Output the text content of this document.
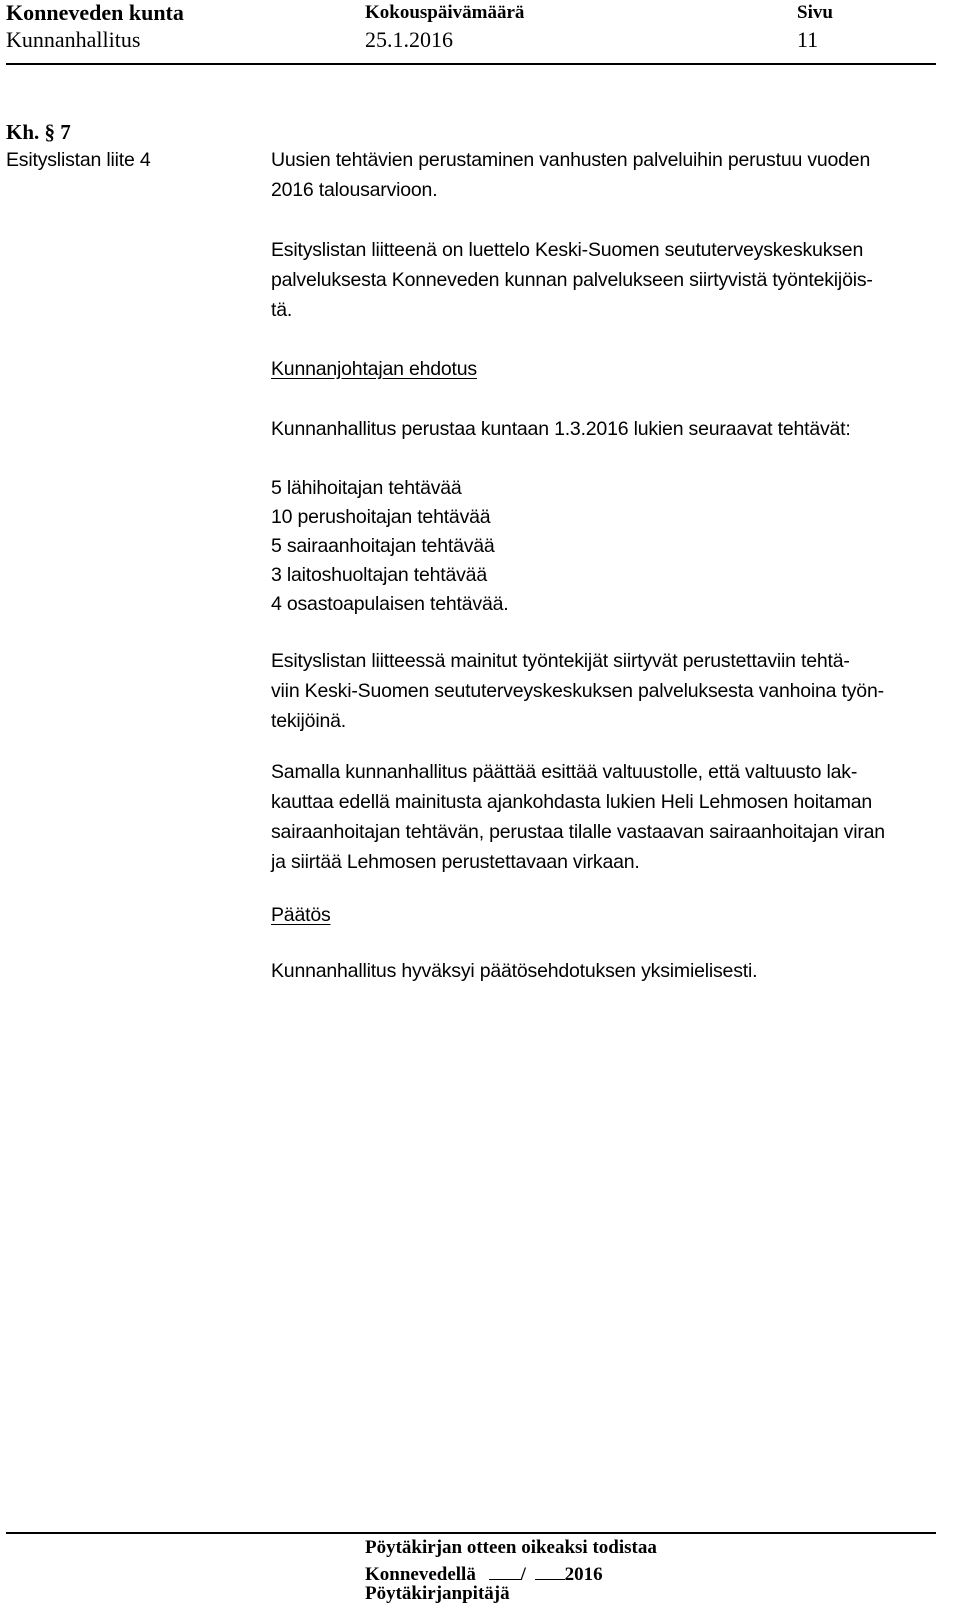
Konneveden kunta
Kunnanhallitus
Kokouspäivämäärä
25.1.2016
Sivu
11
Kh. § 7
Esityslistan liite 4	Uusien tehtävien perustaminen vanhusten palveluihin perustuu vuoden
2016 talousarvioon.
Esityslistan liitteenä on luettelo Keski-Suomen seututerveyskeskuksen
palveluksesta Konneveden kunnan palvelukseen siirtyvistä työntekijöis-
tä.
Kunnanjohtajan ehdotus
Kunnanhallitus perustaa kuntaan 1.3.2016 lukien seuraavat tehtävät:
5 lähihoitajan tehtävää
10 perushoitajan tehtävää
5 sairaanhoitajan tehtävää
3 laitoshuoltajan tehtävää
4 osastoapulaisen tehtävää.
Esityslistan liitteessä mainitut työntekijät siirtyvät perustettaviin tehtä-
viin Keski-Suomen seututerveyskeskuksen palveluksesta vanhoina työn-
tekijöinä.
Samalla kunnanhallitus päättää esittää valtuustolle, että valtuusto lak-
kauttaa edellä mainitusta ajankohdasta lukien Heli Lehmosen hoitaman
sairaanhoitajan tehtävän, perustaa tilalle vastaavan sairaanhoitajan viran
ja siirtää Lehmosen perustettavaan virkaan.
Päätös
Kunnanhallitus hyväksyi päätösehdotuksen yksimielisesti.
Pöytäkirjan otteen oikeaksi todistaa
Konnevedellä / 2016
Pöytäkirjanpitäjä
